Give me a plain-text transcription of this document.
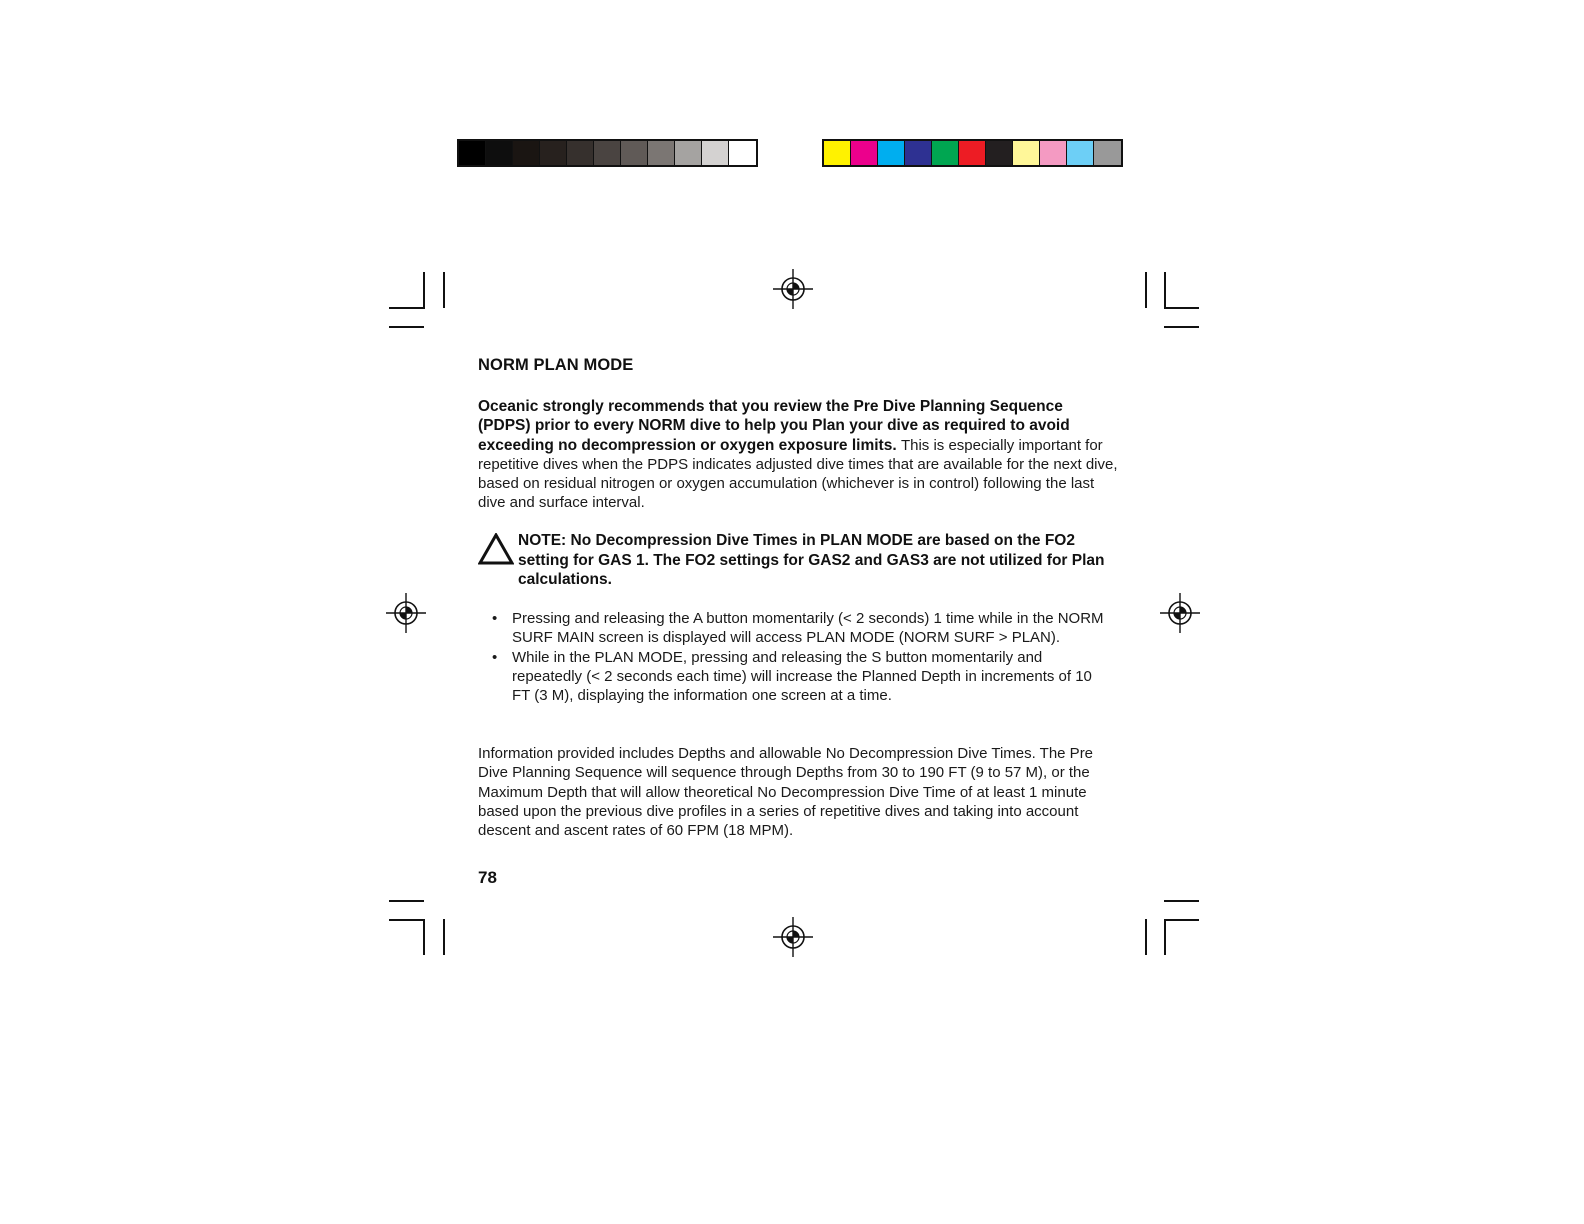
NORM PLAN MODE
Oceanic strongly recommends that you review the Pre Dive Planning Sequence (PDPS) prior to every NORM dive to help you Plan your dive as required to avoid exceeding no decompression or oxygen exposure limits. This is especially important for repetitive dives when the PDPS indicates adjusted dive times that are available for the next dive, based on residual nitrogen or oxygen accumulation (whichever is in control) following the last dive and surface interval.
NOTE: No Decompression Dive Times in PLAN MODE are based on the FO2 setting for GAS 1. The FO2 settings for GAS2 and GAS3 are not utilized for Plan calculations.
• Pressing and releasing the A button momentarily (< 2 seconds) 1 time while in the NORM SURF MAIN screen is displayed will access PLAN MODE (NORM SURF > PLAN).
• While in the PLAN MODE, pressing and releasing the S button momentarily and repeatedly (< 2 seconds each time) will increase the Planned Depth in increments of 10 FT (3 M), displaying the information one screen at a time.
Information provided includes Depths and allowable No Decompression Dive Times. The Pre Dive Planning Sequence will sequence through Depths from 30 to 190 FT (9 to 57 M), or the Maximum Depth that will allow theoretical No Decompression Dive Time of at least 1 minute based upon the previous dive profiles in a series of repetitive dives and taking into account descent and ascent rates of 60 FPM (18 MPM).
78
